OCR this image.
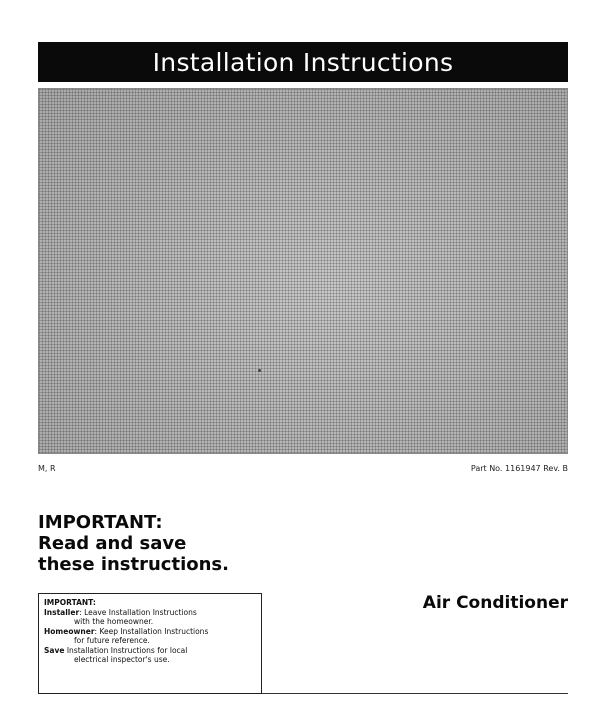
Installation Instructions
M, R	Part No. 1161947 Rev. B
IMPORTANT:
Read and save
these instructions.
IMPORTANT:
Installer: Leave Installation Instructions
with the homeowner.
Homeowner: Keep Installation Instructions
for future reference.
Save Installation Instructions for local
electrical inspector's use.
Air Conditioner
